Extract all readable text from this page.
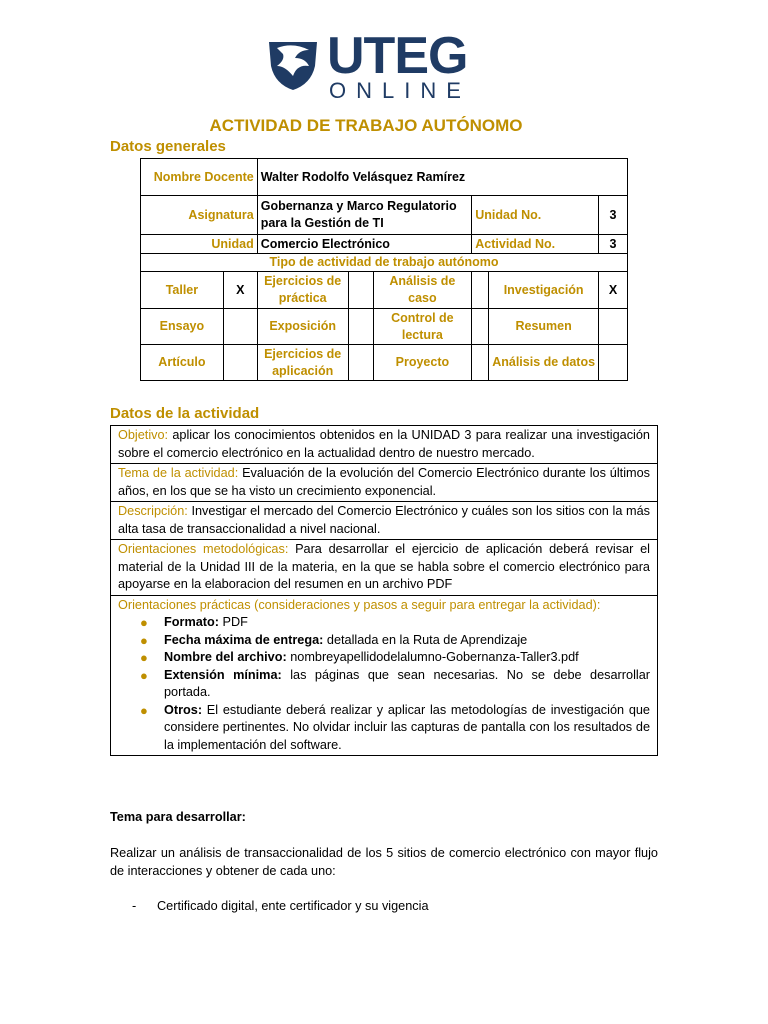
UTEG
ONLINE
ACTIVIDAD DE TRABAJO AUTÓNOMO
Datos generales
Nombre Docente		Walter Rodolfo Velásquez Ramírez					
Asignatura		Gobernanza y Marco Regulatorio para la Gestión de TI			Unidad No.		3
Unidad		Comercio Electrónico			Actividad No.		3
Tipo de actividad de trabajo autónomo							
Taller	X	Ejercicios de práctica		Análisis de caso		Investigación	X
Ensayo		Exposición		Control de lectura		Resumen	
Artículo		Ejercicios de aplicación		Proyecto		Análisis de datos	
Datos de la actividad
Objetivo: aplicar los conocimientos obtenidos en la UNIDAD 3 para realizar una investigación sobre el comercio electrónico en la actualidad dentro de nuestro mercado.
Tema de la actividad: Evaluación de la evolución del Comercio Electrónico durante los últimos años, en los que se ha visto un crecimiento exponencial.
Descripción: Investigar el mercado del Comercio Electrónico y cuáles son los sitios con la más alta tasa de transaccionalidad a nivel nacional.
Orientaciones metodológicas: Para desarrollar el ejercicio de aplicación deberá revisar el material de la Unidad III de la materia, en la que se habla sobre el comercio electrónico para apoyarse en la elaboracion del resumen en un archivo PDF

Orientaciones prácticas (consideraciones y pasos a seguir para entregar la actividad):
● Formato: PDF
● Fecha máxima de entrega: detallada en la Ruta de Aprendizaje
● Nombre del archivo: nombreyapellidodelalumno-Gobernanza-Taller3.pdf
● Extensión mínima: las páginas que sean necesarias. No se debe desarrollar portada.
● Otros: El estudiante deberá realizar y aplicar las metodologías de investigación que considere pertinentes. No olvidar incluir las capturas de pantalla con los resultados de la implementación del software.
Tema para desarrollar:
Realizar un análisis de transaccionalidad de los 5 sitios de comercio electrónico con mayor flujo de interacciones y obtener de cada uno:
-	Certificado digital, ente certificador y su vigencia
